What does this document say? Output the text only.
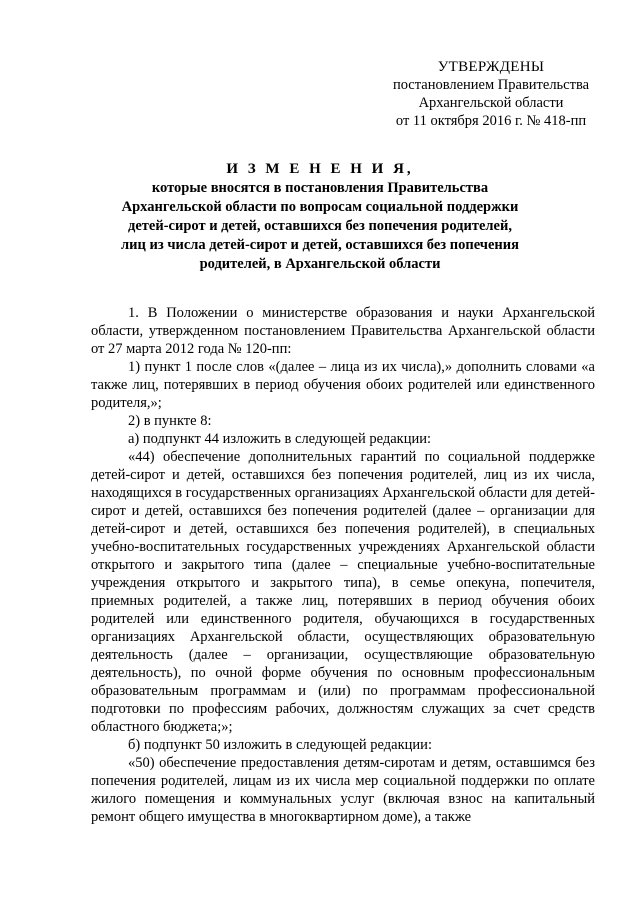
УТВЕРЖДЕНЫ
постановлением Правительства
Архангельской области
от 11 октября 2016 г. № 418-пп
И З М Е Н Е Н И Я,
которые вносятся в постановления Правительства
Архангельской области по вопросам социальной поддержки
детей-сирот и детей, оставшихся без попечения родителей,
лиц из числа детей-сирот и детей, оставшихся без попечения
родителей, в Архангельской области

1. В Положении о министерстве образования и науки Архангельской области, утвержденном постановлением Правительства Архангельской области от 27 марта 2012 года № 120-пп:

1) пункт 1 после слов «(далее – лица из их числа),» дополнить словами «а также лиц, потерявших в период обучения обоих родителей или единственного родителя,»;

2) в пункте 8:

а) подпункт 44 изложить в следующей редакции:

«44) обеспечение дополнительных гарантий по социальной поддержке детей-сирот и детей, оставшихся без попечения родителей, лиц из их числа, находящихся в государственных организациях Архангельской области для детей-сирот и детей, оставшихся без попечения родителей (далее – организации для детей-сирот и детей, оставшихся без попечения родителей), в специальных учебно-воспитательных государственных учреждениях Архангельской области открытого и закрытого типа (далее – специальные учебно-воспитательные учреждения открытого и закрытого типа), в семье опекуна, попечителя, приемных родителей, а также лиц, потерявших в период обучения обоих родителей или единственного родителя, обучающихся в государственных организациях Архангельской области, осуществляющих образовательную деятельность (далее – организации, осуществляющие образовательную деятельность), по очной форме обучения по основным профессиональным образовательным программам и (или) по программам профессиональной подготовки по профессиям рабочих, должностям служащих за счет средств областного бюджета;»;

б) подпункт 50 изложить в следующей редакции:

«50) обеспечение предоставления детям-сиротам и детям, оставшимся без попечения родителей, лицам из их числа мер социальной поддержки по оплате жилого помещения и коммунальных услуг (включая взнос на капитальный ремонт общего имущества в многоквартирном доме), а также
